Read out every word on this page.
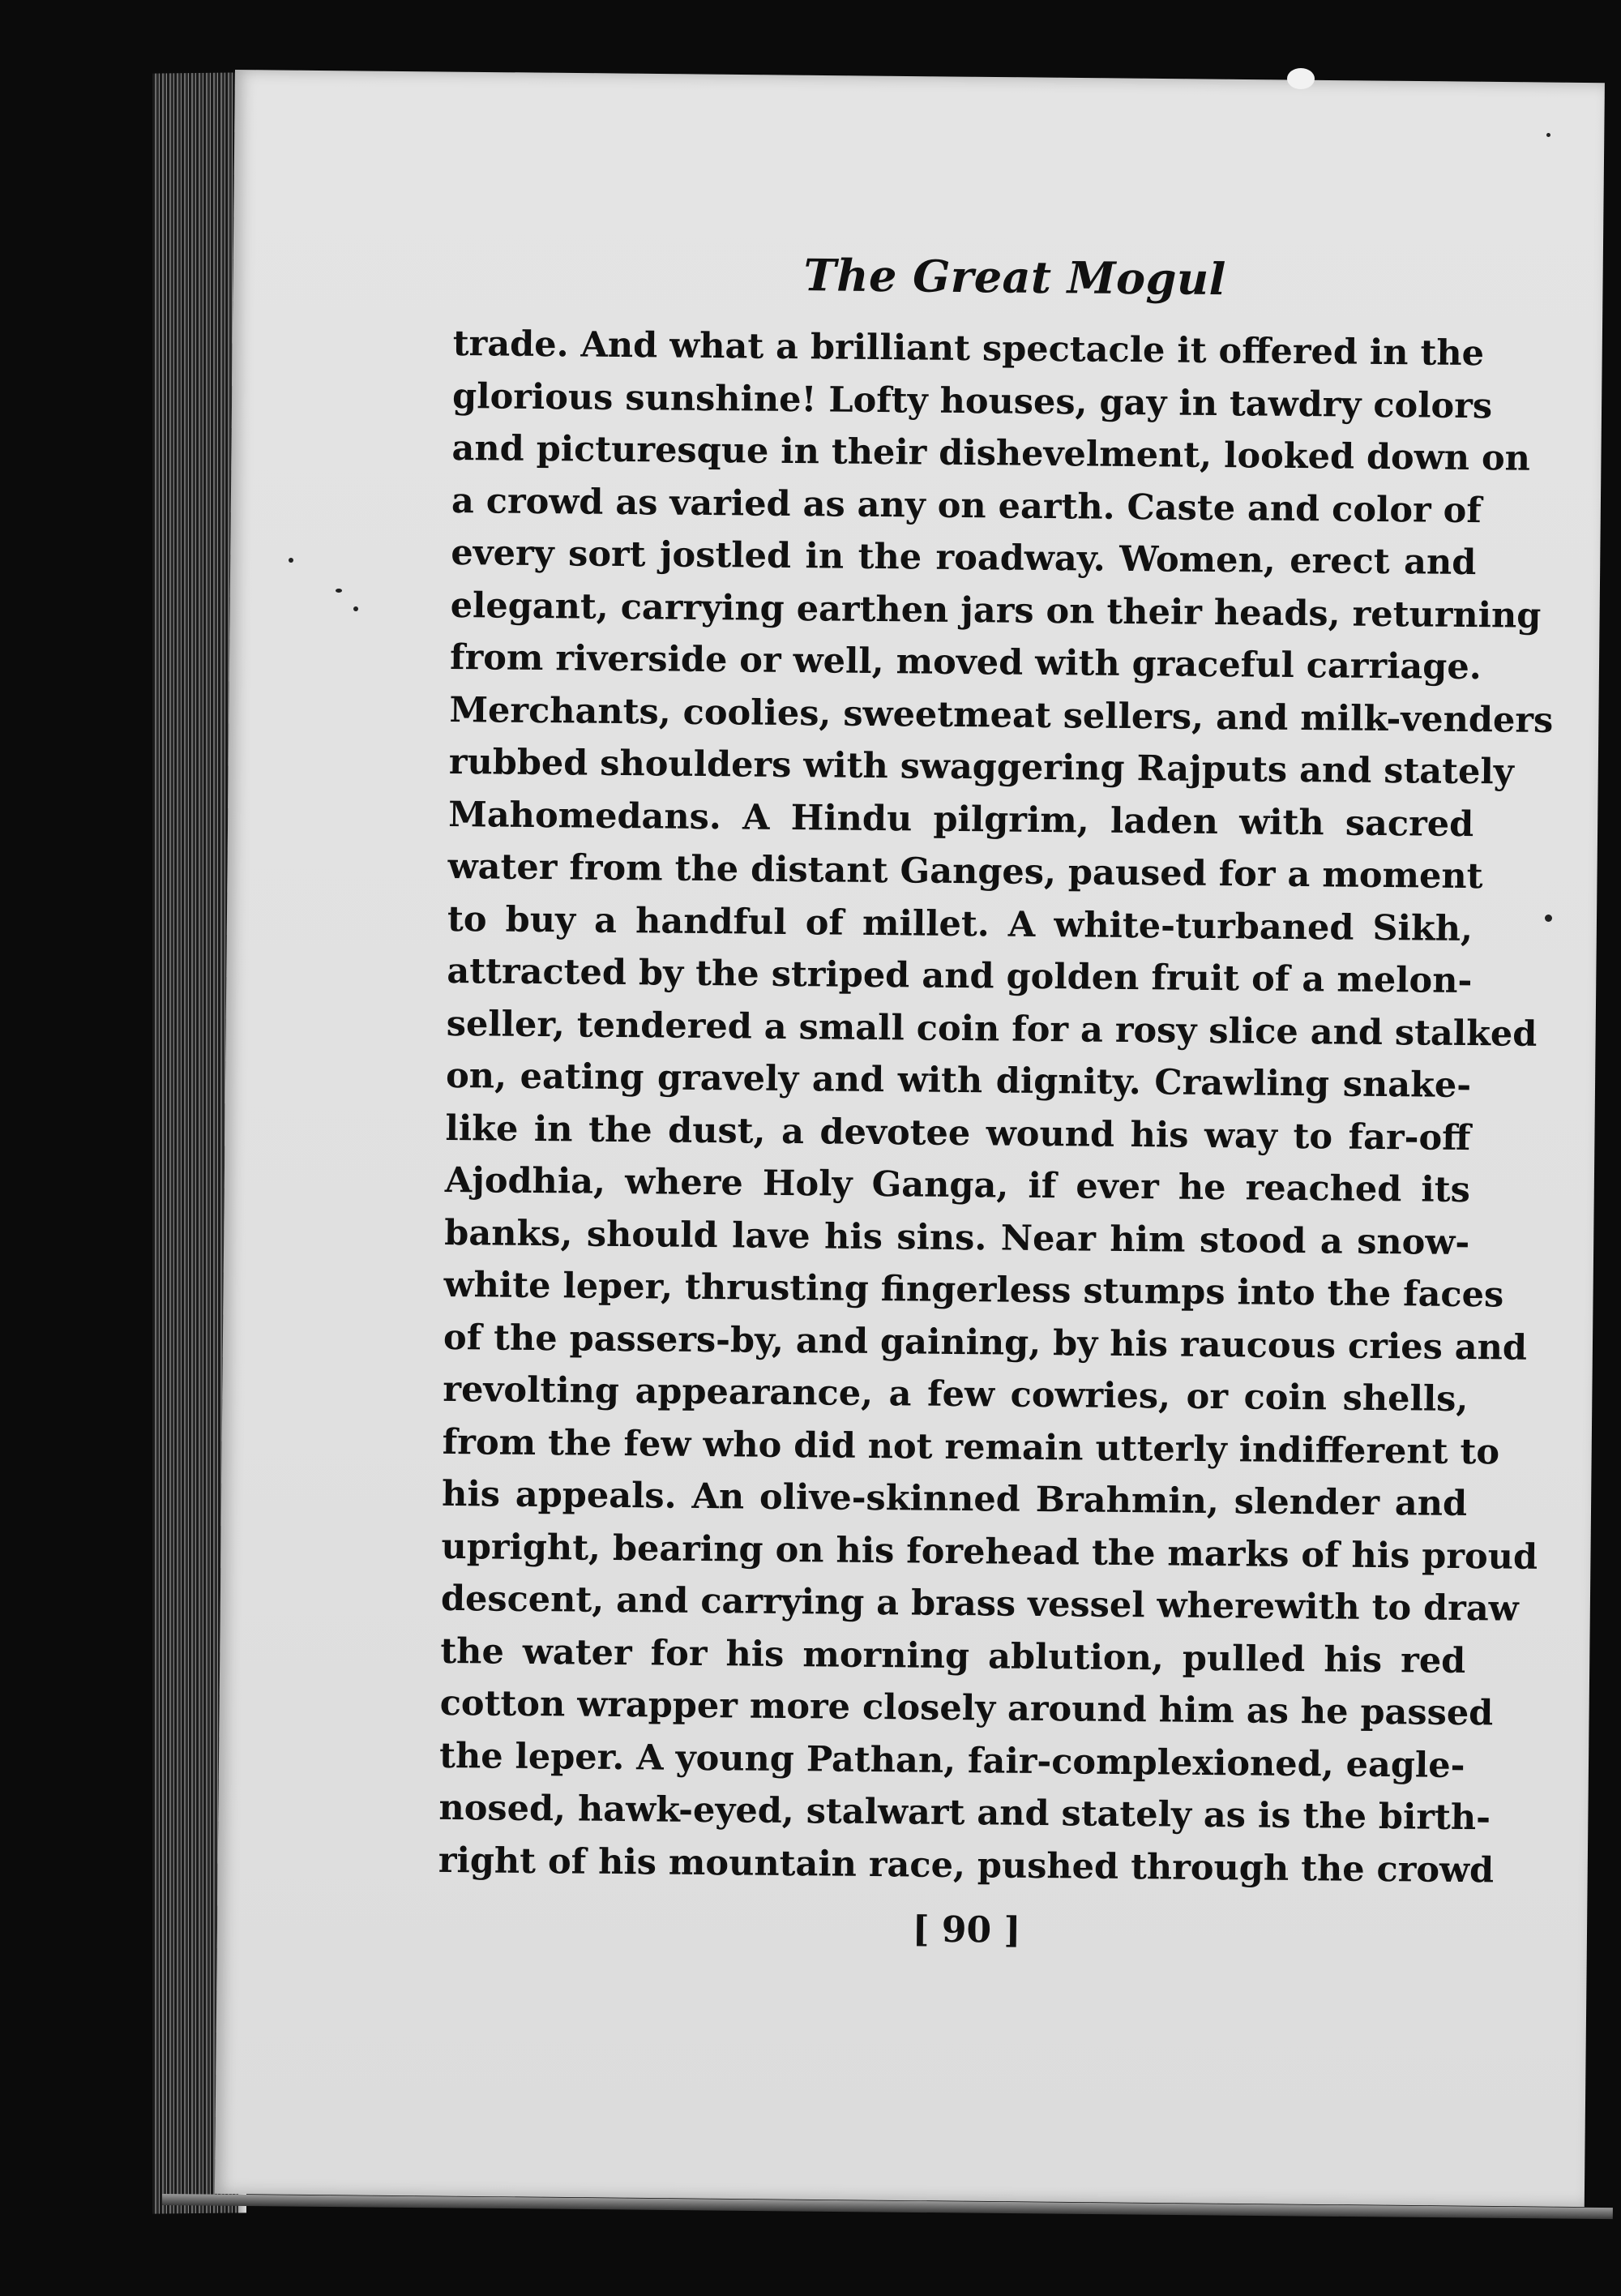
The Great Mogul
trade. And what a brilliant spectacle it offered in the
glorious sunshine! Lofty houses, gay in tawdry colors
and picturesque in their dishevelment, looked down on
a crowd as varied as any on earth. Caste and color of
every sort jostled in the roadway. Women, erect and
elegant, carrying earthen jars on their heads, returning
from riverside or well, moved with graceful carriage.
Merchants, coolies, sweetmeat sellers, and milk-venders
rubbed shoulders with swaggering Rajputs and stately
Mahomedans. A Hindu pilgrim, laden with sacred
water from the distant Ganges, paused for a moment
to buy a handful of millet. A white-turbaned Sikh,
attracted by the striped and golden fruit of a melon-
seller, tendered a small coin for a rosy slice and stalked
on, eating gravely and with dignity. Crawling snake-
like in the dust, a devotee wound his way to far-off
Ajodhia, where Holy Ganga, if ever he reached its
banks, should lave his sins. Near him stood a snow-
white leper, thrusting fingerless stumps into the faces
of the passers-by, and gaining, by his raucous cries and
revolting appearance, a few cowries, or coin shells,
from the few who did not remain utterly indifferent to
his appeals. An olive-skinned Brahmin, slender and
upright, bearing on his forehead the marks of his proud
descent, and carrying a brass vessel wherewith to draw
the water for his morning ablution, pulled his red
cotton wrapper more closely around him as he passed
the leper. A young Pathan, fair-complexioned, eagle-
nosed, hawk-eyed, stalwart and stately as is the birth-
right of his mountain race, pushed through the crowd
[ 90 ]
